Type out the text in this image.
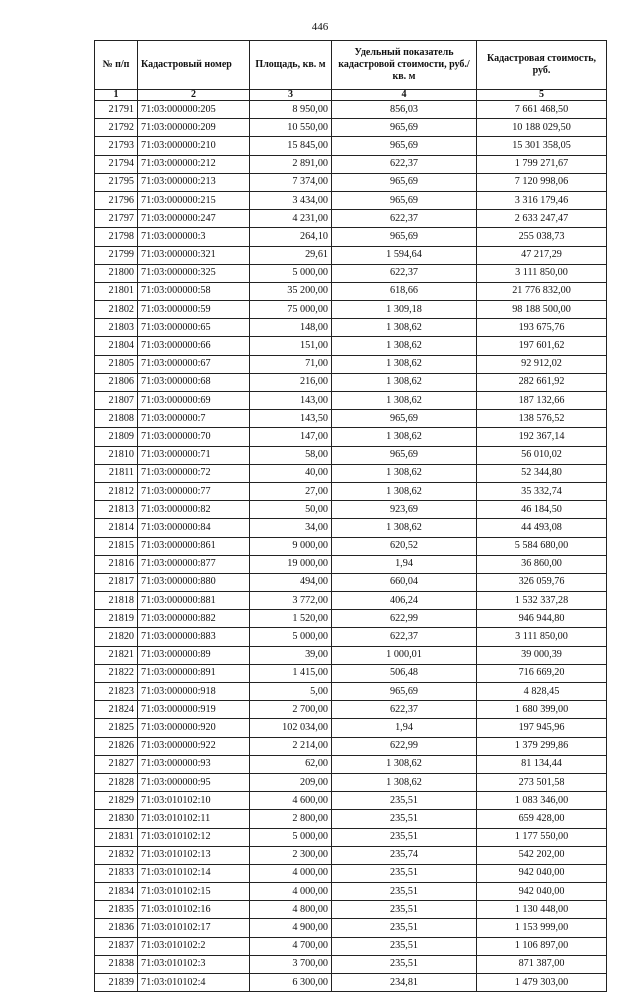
446
№ п/п	Кадастровый номер	Площадь, кв. м	Удельный показатель кадастровой стоимости, руб./кв. м	Кадастровая стоимость, руб.
1	2	3	4	5
21791	71:03:000000:205	8 950,00	856,03	7 661 468,50
21792	71:03:000000:209	10 550,00	965,69	10 188 029,50
21793	71:03:000000:210	15 845,00	965,69	15 301 358,05
21794	71:03:000000:212	2 891,00	622,37	1 799 271,67
21795	71:03:000000:213	7 374,00	965,69	7 120 998,06
21796	71:03:000000:215	3 434,00	965,69	3 316 179,46
21797	71:03:000000:247	4 231,00	622,37	2 633 247,47
21798	71:03:000000:3	264,10	965,69	255 038,73
21799	71:03:000000:321	29,61	1 594,64	47 217,29
21800	71:03:000000:325	5 000,00	622,37	3 111 850,00
21801	71:03:000000:58	35 200,00	618,66	21 776 832,00
21802	71:03:000000:59	75 000,00	1 309,18	98 188 500,00
21803	71:03:000000:65	148,00	1 308,62	193 675,76
21804	71:03:000000:66	151,00	1 308,62	197 601,62
21805	71:03:000000:67	71,00	1 308,62	92 912,02
21806	71:03:000000:68	216,00	1 308,62	282 661,92
21807	71:03:000000:69	143,00	1 308,62	187 132,66
21808	71:03:000000:7	143,50	965,69	138 576,52
21809	71:03:000000:70	147,00	1 308,62	192 367,14
21810	71:03:000000:71	58,00	965,69	56 010,02
21811	71:03:000000:72	40,00	1 308,62	52 344,80
21812	71:03:000000:77	27,00	1 308,62	35 332,74
21813	71:03:000000:82	50,00	923,69	46 184,50
21814	71:03:000000:84	34,00	1 308,62	44 493,08
21815	71:03:000000:861	9 000,00	620,52	5 584 680,00
21816	71:03:000000:877	19 000,00	1,94	36 860,00
21817	71:03:000000:880	494,00	660,04	326 059,76
21818	71:03:000000:881	3 772,00	406,24	1 532 337,28
21819	71:03:000000:882	1 520,00	622,99	946 944,80
21820	71:03:000000:883	5 000,00	622,37	3 111 850,00
21821	71:03:000000:89	39,00	1 000,01	39 000,39
21822	71:03:000000:891	1 415,00	506,48	716 669,20
21823	71:03:000000:918	5,00	965,69	4 828,45
21824	71:03:000000:919	2 700,00	622,37	1 680 399,00
21825	71:03:000000:920	102 034,00	1,94	197 945,96
21826	71:03:000000:922	2 214,00	622,99	1 379 299,86
21827	71:03:000000:93	62,00	1 308,62	81 134,44
21828	71:03:000000:95	209,00	1 308,62	273 501,58
21829	71:03:010102:10	4 600,00	235,51	1 083 346,00
21830	71:03:010102:11	2 800,00	235,51	659 428,00
21831	71:03:010102:12	5 000,00	235,51	1 177 550,00
21832	71:03:010102:13	2 300,00	235,74	542 202,00
21833	71:03:010102:14	4 000,00	235,51	942 040,00
21834	71:03:010102:15	4 000,00	235,51	942 040,00
21835	71:03:010102:16	4 800,00	235,51	1 130 448,00
21836	71:03:010102:17	4 900,00	235,51	1 153 999,00
21837	71:03:010102:2	4 700,00	235,51	1 106 897,00
21838	71:03:010102:3	3 700,00	235,51	871 387,00
21839	71:03:010102:4	6 300,00	234,81	1 479 303,00
